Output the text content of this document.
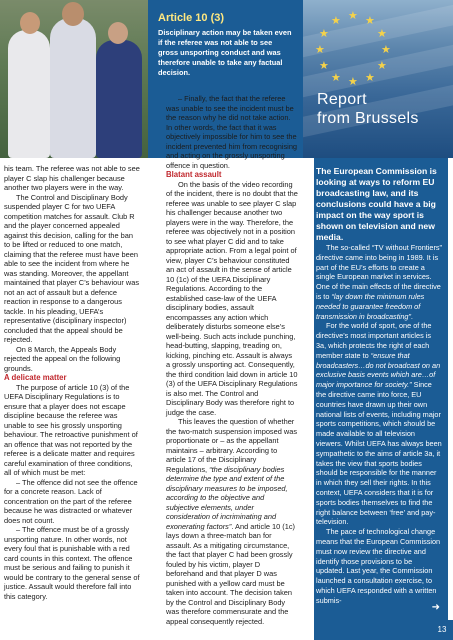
Article 10 (3)
Disciplinary action may be taken even if the referee was not able to see gross unsporting conduct and was therefore unable to take any factual decision.
★ ★
★
★
★
★
★
★
★
★
★
★
Report
from Brussels

his team. The referee was not able to see player C slap his challenger because another two players were in the way.

The Control and Disciplinary Body suspended player C for two UEFA competition matches for assault. Club R and the player concerned appealed against this decision, calling for the ban to be lifted or reduced to one match, claiming that the referee must have been able to see the incident from where he was standing. Moreover, the appellant maintained that player C’s behaviour was not an act of assault but a defence reaction in response to a dangerous tackle. In his pleading, UEFA’s representative (disciplinary inspector) concluded that the appeal should be rejected.

On 8 March, the Appeals Body rejected the appeal on the following grounds.

A delicate matter

The purpose of article 10 (3) of the UEFA Disciplinary Regulations is to ensure that a player does not escape discipline because the referee was unable to see his grossly unsporting behaviour. The retroactive punishment of an offence that was not reported by the referee is a delicate matter and requires careful examination of three conditions, all of which must be met:

– The offence did not see the offence for a concrete reason. Lack of concentration on the part of the referee because he was distracted or whatever does not count.

– The offence must be of a grossly unsporting nature. In other words, not every foul that is punishable with a red card counts in this context. The offence must be serious and failing to punish it would be contrary to the general sense of justice. Assault would therefore fall into this category.

– Finally, the fact that the referee was unable to see the incident must be the reason why he did not take action. In other words, the fact that it was objectively impossible for him to see the incident prevented him from recognising and acting on the grossly unsporting offence in question.

Blatant assault

On the basis of the video recording of the incident, there is no doubt that the referee was unable to see player C slap his challenger because another two players were in the way. Therefore, the referee was objectively not in a position to see what player C did and to take appropriate action. From a legal point of view, player C’s behaviour constituted an act of assault in the sense of article 10 (1c) of the UEFA Disciplinary Regulations. According to the established case-law of the UEFA disciplinary bodies, assault encompasses any action which deliberately disturbs someone else’s well-being. Such acts include punching, head-butting, slapping, treading on, kicking, pinching etc. Assault is always a grossly unsporting act. Consequently, the third condition laid down in article 10 (3) of the UEFA Disciplinary Regulations is also met. The Control and Disciplinary Body was therefore right to judge the case.

This leaves the question of whether the two-match suspension imposed was proportionate or – as the appellant maintains – arbitrary. According to article 17 of the Disciplinary Regulations, “the disciplinary bodies determine the type and extent of the disciplinary measures to be imposed, according to the objective and subjective elements, under consideration of incriminating and exonerating factors”. And article 10 (1c) lays down a three-match ban for assault. As a mitigating circumstance, the fact that player C had been grossly fouled by his victim, player D beforehand and that player D was punished with a yellow card must be taken into account. The decision taken by the Control and Disciplinary Body was therefore commensurate and the appeal consequently rejected.

The European Commission is looking at ways to reform EU broadcasting law, and its conclusions could have a big impact on the way sport is shown on television and new media.

The so-called “TV without Frontiers” directive came into being in 1989. It is part of the EU’s efforts to create a single European market in services. One of the main effects of the directive is to “lay down the minimum rules needed to guarantee freedom of transmission in broadcasting”.

For the world of sport, one of the directive’s most important articles is 3a, which protects the right of each member state to “ensure that broadcasters…do not broadcast on an exclusive basis events which are…of major importance for society.” Since the directive came into force, EU countries have drawn up their own national lists of events, including major sports competitions, which should be made available to all television viewers. Whilst UEFA has always been sympathetic to the aims of article 3a, it takes the view that sports bodies should be responsible for the manner in which they sell their rights. In this context, UEFA considers that it is for sports bodies themselves to find the right balance between ‘free’ and pay-television.

The pace of technological change means that the European Commission must now review the directive and identify those provisions to be updated. Last year, the Commission launched a consultation exercise, to which UEFA responded with a written submis-

➜
13
